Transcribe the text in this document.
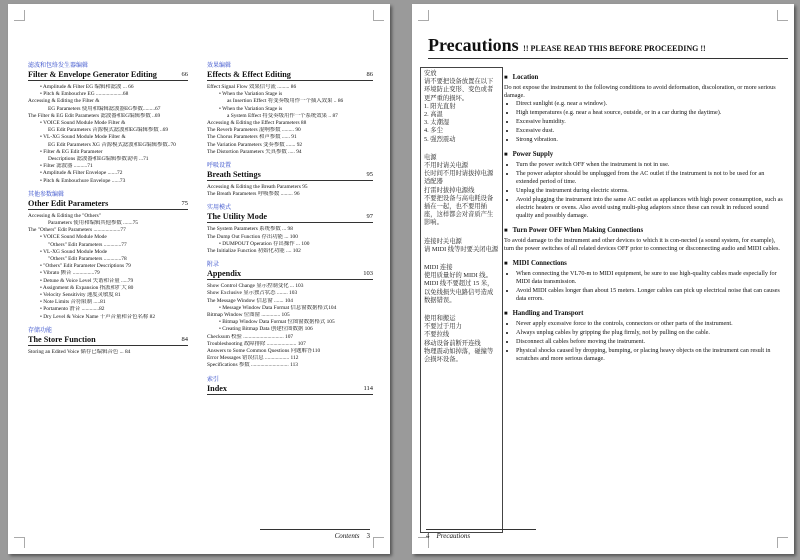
滤波和包络发生器编辑
66
Filter & Envelope Generator Editing
• Amplitude & Filter EG 编辑和滤波 ... 66
• Pitch & Embouchre EG ....................68
Accessing & Editing the Filter &
EG Parameters 使用和编辑滤波器EG参数.........67
The Filter & EG Edit Parameters 滤波器和EG编辑参数 ..69
• VOICE Sound Module Mode Filter &
EG Edit Parameters 音源模式滤波和EG编辑参数 ..69
• VL-XG Sound Module Mode Filter &
EG Edit Parameters XG 音源模式滤波和EG编辑参数..70
• Filter & EG Edit Parameter
Descriptions 滤波器和EG编辑参数说明 ...71
• Filter 滤波器 ..........71
• Amplitude & Filter Envelope .......72
• Pitch & Embouchure Envelope ......73
其他参数编辑
75
Other Edit Parameters
Accessing & Editing the "Others"
Parameters 使用和编辑其他参数 .......75
The "Others" Edit Parameters ....................77
• VOICE Sound Module Mode
"Others" Edit Parameters .............77
• VL-XG Sound Module Mode
"Others" Edit Parameters .............78
• "Others" Edit Parameter Descriptions 79
• Vibrato 颤音 ................79
• Detune & Voice Level 失谐和音量 .....79
• Assignment & Expansion 指派和扩大 80
• Velocity Sensitivity 速度灵敏度 81
• Note Limits 音符限制 .....81
• Portamento 滑音 .............82
• Dry Level & Voice Name 干声音量和音色名称 82
存储功能
84
The Store Function
Storing an Edited Voice 储存已编辑音色 ... 84
效果编辑
86
Effects & Effect Editing
Effect Signal Flow 效果信号流 ......... 86
• When the Variation Stage is
as Insertion Effect 将变奏级用作一个插入效果 .. 86
• When the Variation Stage is
a System Effect 将变奏级用作一个系统效果 .. 87
Accessing & Editing the Effect Parameters 88
The Reverb Parameters 混响参数 ......... 90
The Chorus Parameters 和声参数 ...... 91
The Variation Parameters 变奏参数 ....... 92
The Distortion Parameters 失真参数 ..... 94
呼吸设置
95
Breath Settings
Accessing & Editing the Breath Parameters 95
The Breath Parameters 呼吸参数 ......... 96
实用模式
97
The Utility Mode
The System Parameters 系统参数 ... 98
The Dump Out Function 存出功能 ... 100
• DUMPOUT Operation 存出操作 ... 100
The Initialize Function 初始化功能 .... 102
附录
103
Appendix
Show Control Change 显示控制变化 ... 103
Show Exclusive 显示独占状态 ........ 103
The Message Window 信息窗 ....... 104
• Message Window Data Format 信息窗数据格式104
Bitmap Window 位图窗 .............. 105
• Bitmap Window Data Format 位图窗数据格式 105
• Creating Bitmap Data 创建位图数据 106
Checksum 校验 .............................. 107
Troubleshooting 故障排除 ...................... 107
Answers to Some Common Questions 问题解答110
Error Messages 错误信息 .................. 112
Specifications 参数 ............................ 113
索引
114
Index
Contents 3
Precautions !! PLEASE READ THIS BEFORE PROCEEDING !!
安放
请不要把设备放置在以下环境防止变形、变色或者更严重的损坏。
1. 阳光直射
2. 高温
3. 太潮湿
4. 多尘
5. 强烈震动
电源
不用时请关电源
长时间不用时请拔掉电源适配器
打雷时拔掉电源线
不要把设备与高电耗设备插在一起，也不要用插座，这样都会对音质产生影响。
连接时关电源
请 MIDI 线等时要关闭电源
MIDI 连接
使用质量好的 MIDI 线。
MIDI 线不要超过 15 米，以免线损失电路信号造成数据错误。
使用和搬运
不要过于用力
不要拉线
移动设备前断开连线
物理震动如掉落，碰撞等会损坏设备。
■ Location
Do not expose the instrument to the following conditions to avoid deformation, discoloration, or more serious damage.
• Direct sunlight (e.g. near a window).
• High temperatures (e.g. near a heat source, outside, or in a car during the daytime).
• Excessive humidity.
• Excessive dust.
• Strong vibration.
■ Power Supply
• Turn the power switch OFF when the instrument is not in use.
• The power adaptor should be unplugged from the AC outlet if the instrument is not to be used for an extended period of time.
• Unplug the instrument during electric storms.
• Avoid plugging the instrument into the same AC outlet as appliances with high power consumption, such as electric heaters or ovens. Also avoid using multi-plug adaptors since these can result in reduced sound quality and possibly damage.
■ Turn Power OFF When Making Connections
To avoid damage to the instrument and other devices to which it is con-nected (a sound system, for example), turn the power switches of all related devices OFF prior to connecting or disconnecting audio and MIDI cables.
■ MIDI Connections
• When connecting the VL70-m to MIDI equipment, be sure to use high-quality cables made especially for MIDI data transmission.
• Avoid MIDI cables longer than about 15 meters. Longer cables can pick up electrical noise that can causes data errors.
■ Handling and Transport
• Never apply excessive force to the controls, connectors or other parts of the instrument.
• Always unplug cables by gripping the plug firmly, not by pulling on the cable.
• Disconnect all cables before moving the instrument.
• Physical shocks caused by dropping, bumping, or placing heavy objects on the instrument can result in scratches and more serious damage.
4 Precautions
